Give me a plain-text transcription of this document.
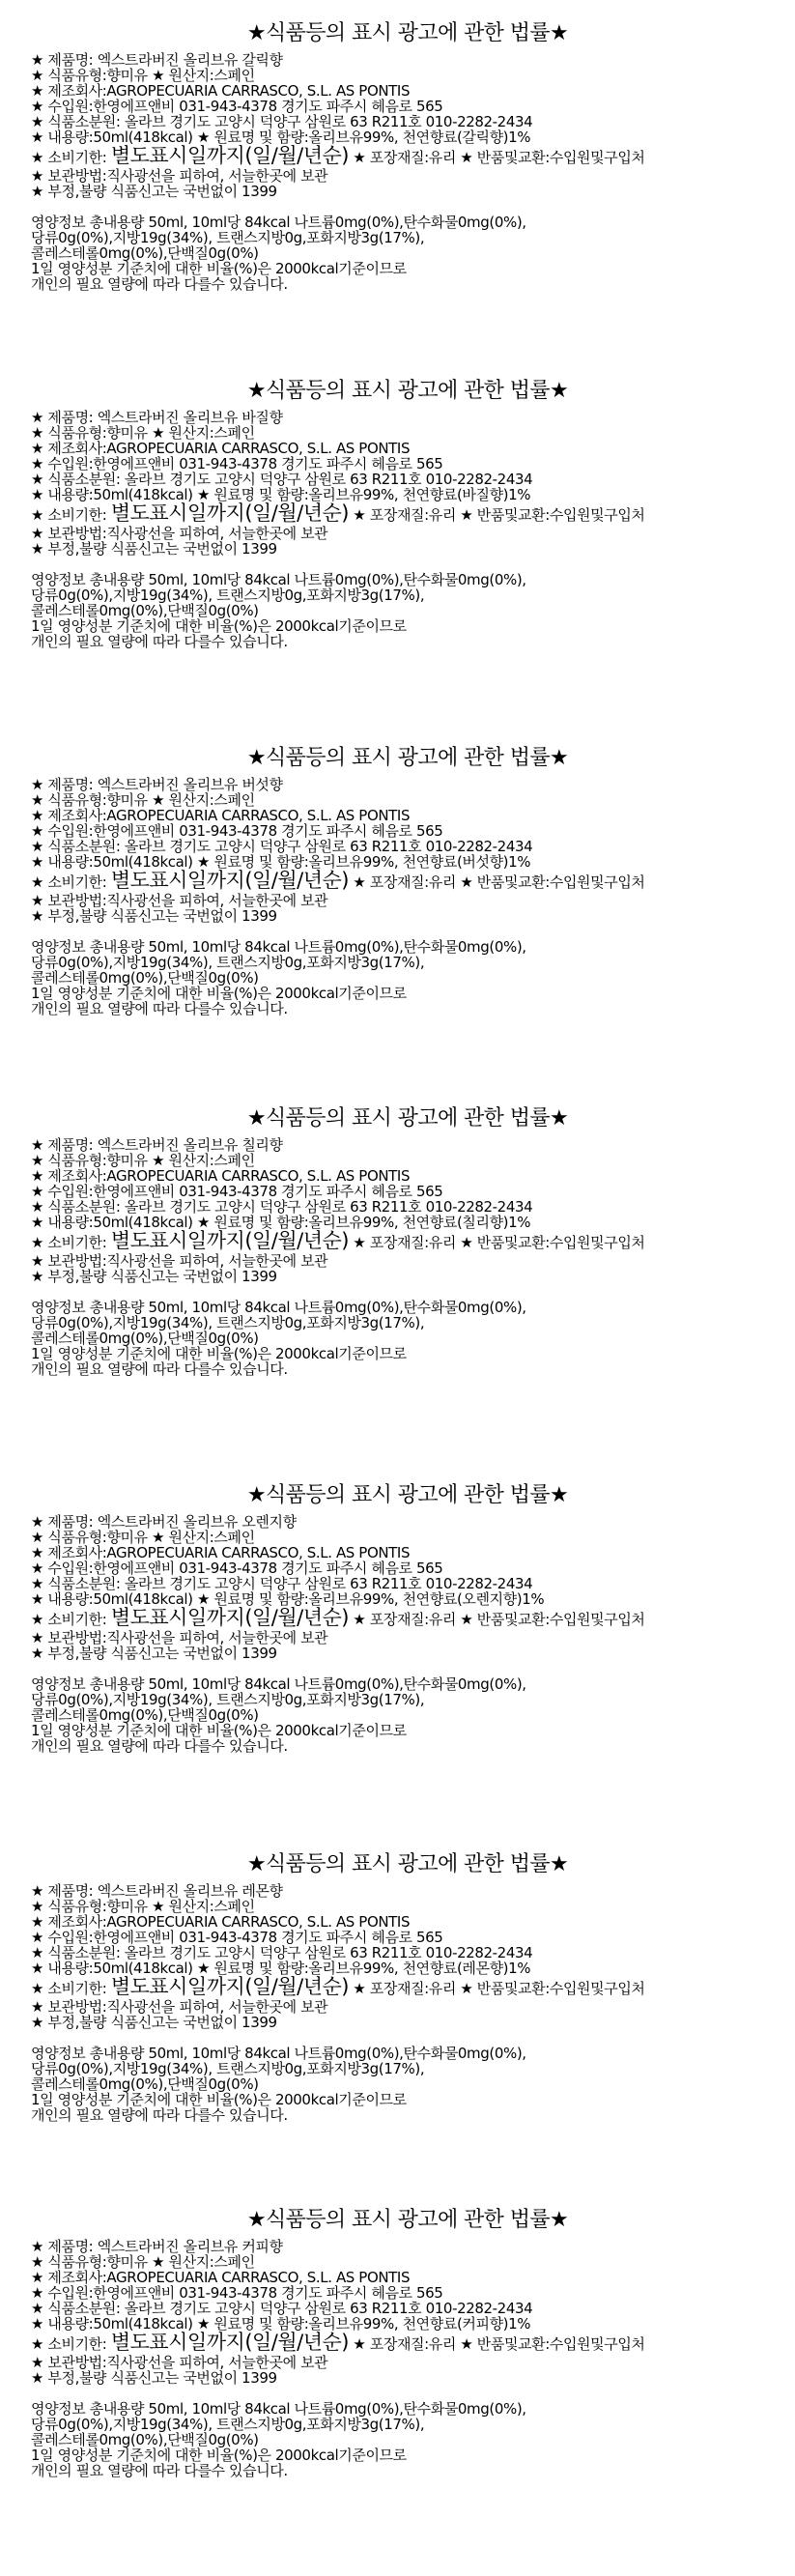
★식품등의 표시 광고에 관한 법률★
★ 제품명: 엑스트라버진 올리브유 갈릭향
★ 식품유형:향미유 ★ 원산지:스페인
★ 제조회사:AGROPECUARIA CARRASCO, S.L. AS PONTIS
★ 수입원:한영에프앤비 031-943-4378 경기도 파주시 헤음로 565
★ 식품소분원: 올라브 경기도 고양시 덕양구 삼원로 63 R211호 010-2282-2434
★ 내용량:50ml(418kcal) ★ 원료명 및 함량:올리브유99%, 천연향료(갈릭향)1%
★ 소비기한: 별도표시일까지(일/월/년순) ★ 포장재질:유리 ★ 반품및교환:수입원및구입처
★ 보관방법:직사광선을 피하여, 서늘한곳에 보관
★ 부정,불량 식품신고는 국번없이 1399
영양정보 총내용량 50ml, 10ml당 84kcal 나트륨0mg(0%),탄수화물0mg(0%),
당류0g(0%),지방19g(34%), 트랜스지방0g,포화지방3g(17%),
콜레스테롤0mg(0%),단백질0g(0%)
1일 영양성분 기준치에 대한 비율(%)은 2000kcal기준이므로
개인의 필요 열량에 따라 다를수 있습니다.
★식품등의 표시 광고에 관한 법률★
★ 제품명: 엑스트라버진 올리브유 바질향
★ 식품유형:향미유 ★ 원산지:스페인
★ 제조회사:AGROPECUARIA CARRASCO, S.L. AS PONTIS
★ 수입원:한영에프앤비 031-943-4378 경기도 파주시 헤음로 565
★ 식품소분원: 올라브 경기도 고양시 덕양구 삼원로 63 R211호 010-2282-2434
★ 내용량:50ml(418kcal) ★ 원료명 및 함량:올리브유99%, 천연향료(바질향)1%
★ 소비기한: 별도표시일까지(일/월/년순) ★ 포장재질:유리 ★ 반품및교환:수입원및구입처
★ 보관방법:직사광선을 피하여, 서늘한곳에 보관
★ 부정,불량 식품신고는 국번없이 1399
영양정보 총내용량 50ml, 10ml당 84kcal 나트륨0mg(0%),탄수화물0mg(0%),
당류0g(0%),지방19g(34%), 트랜스지방0g,포화지방3g(17%),
콜레스테롤0mg(0%),단백질0g(0%)
1일 영양성분 기준치에 대한 비율(%)은 2000kcal기준이므로
개인의 필요 열량에 따라 다를수 있습니다.
★식품등의 표시 광고에 관한 법률★
★ 제품명: 엑스트라버진 올리브유 버섯향
★ 식품유형:향미유 ★ 원산지:스페인
★ 제조회사:AGROPECUARIA CARRASCO, S.L. AS PONTIS
★ 수입원:한영에프앤비 031-943-4378 경기도 파주시 헤음로 565
★ 식품소분원: 올라브 경기도 고양시 덕양구 삼원로 63 R211호 010-2282-2434
★ 내용량:50ml(418kcal) ★ 원료명 및 함량:올리브유99%, 천연향료(버섯향)1%
★ 소비기한: 별도표시일까지(일/월/년순) ★ 포장재질:유리 ★ 반품및교환:수입원및구입처
★ 보관방법:직사광선을 피하여, 서늘한곳에 보관
★ 부정,불량 식품신고는 국번없이 1399
영양정보 총내용량 50ml, 10ml당 84kcal 나트륨0mg(0%),탄수화물0mg(0%),
당류0g(0%),지방19g(34%), 트랜스지방0g,포화지방3g(17%),
콜레스테롤0mg(0%),단백질0g(0%)
1일 영양성분 기준치에 대한 비율(%)은 2000kcal기준이므로
개인의 필요 열량에 따라 다를수 있습니다.
★식품등의 표시 광고에 관한 법률★
★ 제품명: 엑스트라버진 올리브유 칠리향
★ 식품유형:향미유 ★ 원산지:스페인
★ 제조회사:AGROPECUARIA CARRASCO, S.L. AS PONTIS
★ 수입원:한영에프앤비 031-943-4378 경기도 파주시 헤음로 565
★ 식품소분원: 올라브 경기도 고양시 덕양구 삼원로 63 R211호 010-2282-2434
★ 내용량:50ml(418kcal) ★ 원료명 및 함량:올리브유99%, 천연향료(칠리향)1%
★ 소비기한: 별도표시일까지(일/월/년순) ★ 포장재질:유리 ★ 반품및교환:수입원및구입처
★ 보관방법:직사광선을 피하여, 서늘한곳에 보관
★ 부정,불량 식품신고는 국번없이 1399
영양정보 총내용량 50ml, 10ml당 84kcal 나트륨0mg(0%),탄수화물0mg(0%),
당류0g(0%),지방19g(34%), 트랜스지방0g,포화지방3g(17%),
콜레스테롤0mg(0%),단백질0g(0%)
1일 영양성분 기준치에 대한 비율(%)은 2000kcal기준이므로
개인의 필요 열량에 따라 다를수 있습니다.
★식품등의 표시 광고에 관한 법률★
★ 제품명: 엑스트라버진 올리브유 오렌지향
★ 식품유형:향미유 ★ 원산지:스페인
★ 제조회사:AGROPECUARIA CARRASCO, S.L. AS PONTIS
★ 수입원:한영에프앤비 031-943-4378 경기도 파주시 헤음로 565
★ 식품소분원: 올라브 경기도 고양시 덕양구 삼원로 63 R211호 010-2282-2434
★ 내용량:50ml(418kcal) ★ 원료명 및 함량:올리브유99%, 천연향료(오렌지향)1%
★ 소비기한: 별도표시일까지(일/월/년순) ★ 포장재질:유리 ★ 반품및교환:수입원및구입처
★ 보관방법:직사광선을 피하여, 서늘한곳에 보관
★ 부정,불량 식품신고는 국번없이 1399
영양정보 총내용량 50ml, 10ml당 84kcal 나트륨0mg(0%),탄수화물0mg(0%),
당류0g(0%),지방19g(34%), 트랜스지방0g,포화지방3g(17%),
콜레스테롤0mg(0%),단백질0g(0%)
1일 영양성분 기준치에 대한 비율(%)은 2000kcal기준이므로
개인의 필요 열량에 따라 다를수 있습니다.
★식품등의 표시 광고에 관한 법률★
★ 제품명: 엑스트라버진 올리브유 레몬향
★ 식품유형:향미유 ★ 원산지:스페인
★ 제조회사:AGROPECUARIA CARRASCO, S.L. AS PONTIS
★ 수입원:한영에프앤비 031-943-4378 경기도 파주시 헤음로 565
★ 식품소분원: 올라브 경기도 고양시 덕양구 삼원로 63 R211호 010-2282-2434
★ 내용량:50ml(418kcal) ★ 원료명 및 함량:올리브유99%, 천연향료(레몬향)1%
★ 소비기한: 별도표시일까지(일/월/년순) ★ 포장재질:유리 ★ 반품및교환:수입원및구입처
★ 보관방법:직사광선을 피하여, 서늘한곳에 보관
★ 부정,불량 식품신고는 국번없이 1399
영양정보 총내용량 50ml, 10ml당 84kcal 나트륨0mg(0%),탄수화물0mg(0%),
당류0g(0%),지방19g(34%), 트랜스지방0g,포화지방3g(17%),
콜레스테롤0mg(0%),단백질0g(0%)
1일 영양성분 기준치에 대한 비율(%)은 2000kcal기준이므로
개인의 필요 열량에 따라 다를수 있습니다.
★식품등의 표시 광고에 관한 법률★
★ 제품명: 엑스트라버진 올리브유 커피향
★ 식품유형:향미유 ★ 원산지:스페인
★ 제조회사:AGROPECUARIA CARRASCO, S.L. AS PONTIS
★ 수입원:한영에프앤비 031-943-4378 경기도 파주시 헤음로 565
★ 식품소분원: 올라브 경기도 고양시 덕양구 삼원로 63 R211호 010-2282-2434
★ 내용량:50ml(418kcal) ★ 원료명 및 함량:올리브유99%, 천연향료(커피향)1%
★ 소비기한: 별도표시일까지(일/월/년순) ★ 포장재질:유리 ★ 반품및교환:수입원및구입처
★ 보관방법:직사광선을 피하여, 서늘한곳에 보관
★ 부정,불량 식품신고는 국번없이 1399
영양정보 총내용량 50ml, 10ml당 84kcal 나트륨0mg(0%),탄수화물0mg(0%),
당류0g(0%),지방19g(34%), 트랜스지방0g,포화지방3g(17%),
콜레스테롤0mg(0%),단백질0g(0%)
1일 영양성분 기준치에 대한 비율(%)은 2000kcal기준이므로
개인의 필요 열량에 따라 다를수 있습니다.
